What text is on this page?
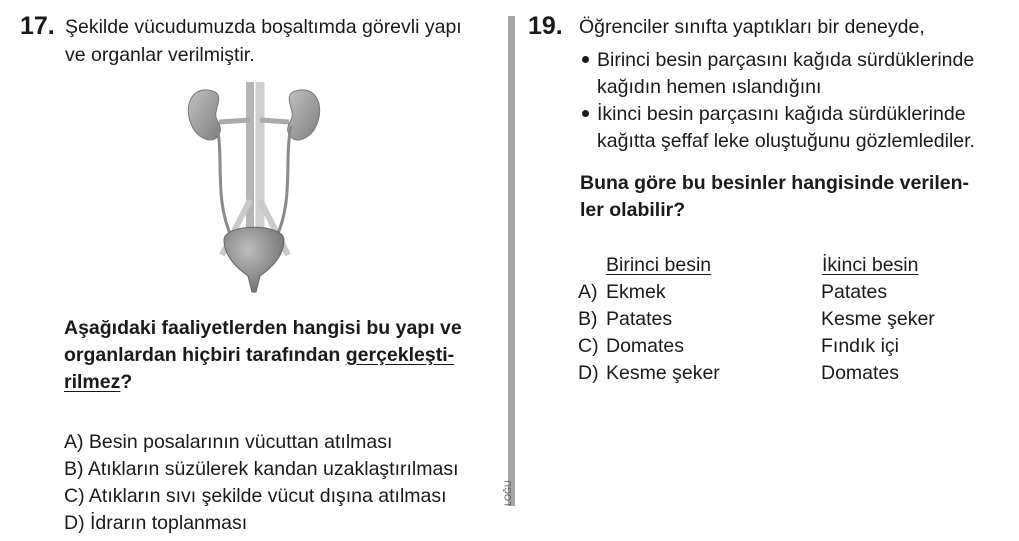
17. Şekilde vücudumuzda boşaltımda görevli yapı
ve organlar verilmiştir.
Aşağıdaki faaliyetlerden hangisi bu yapı ve
organlardan hiçbiri tarafından gerçekleşti-
rilmez?
A) Besin posalarının vücuttan atılması
B) Atıkların süzülerek kandan uzaklaştırılması
C) Atıkların sıvı şekilde vücut dışına atılması
D) İdrarın toplanması
LOĞU
19. Öğrenciler sınıfta yaptıkları bir deneyde,
Birinci besin parçasını kağıda sürdüklerinde
kağıdın hemen ıslandığını
İkinci besin parçasını kağıda sürdüklerinde
kağıtta şeffaf leke oluştuğunu gözlemlediler.
Buna göre bu besinler hangisinde verilen-
ler olabilir?
Birinci besin	İkinci besin
A) Ekmek	Patates
B) Patates	Kesme şeker
C) Domates	Fındık içi
D) Kesme şeker	Domates
